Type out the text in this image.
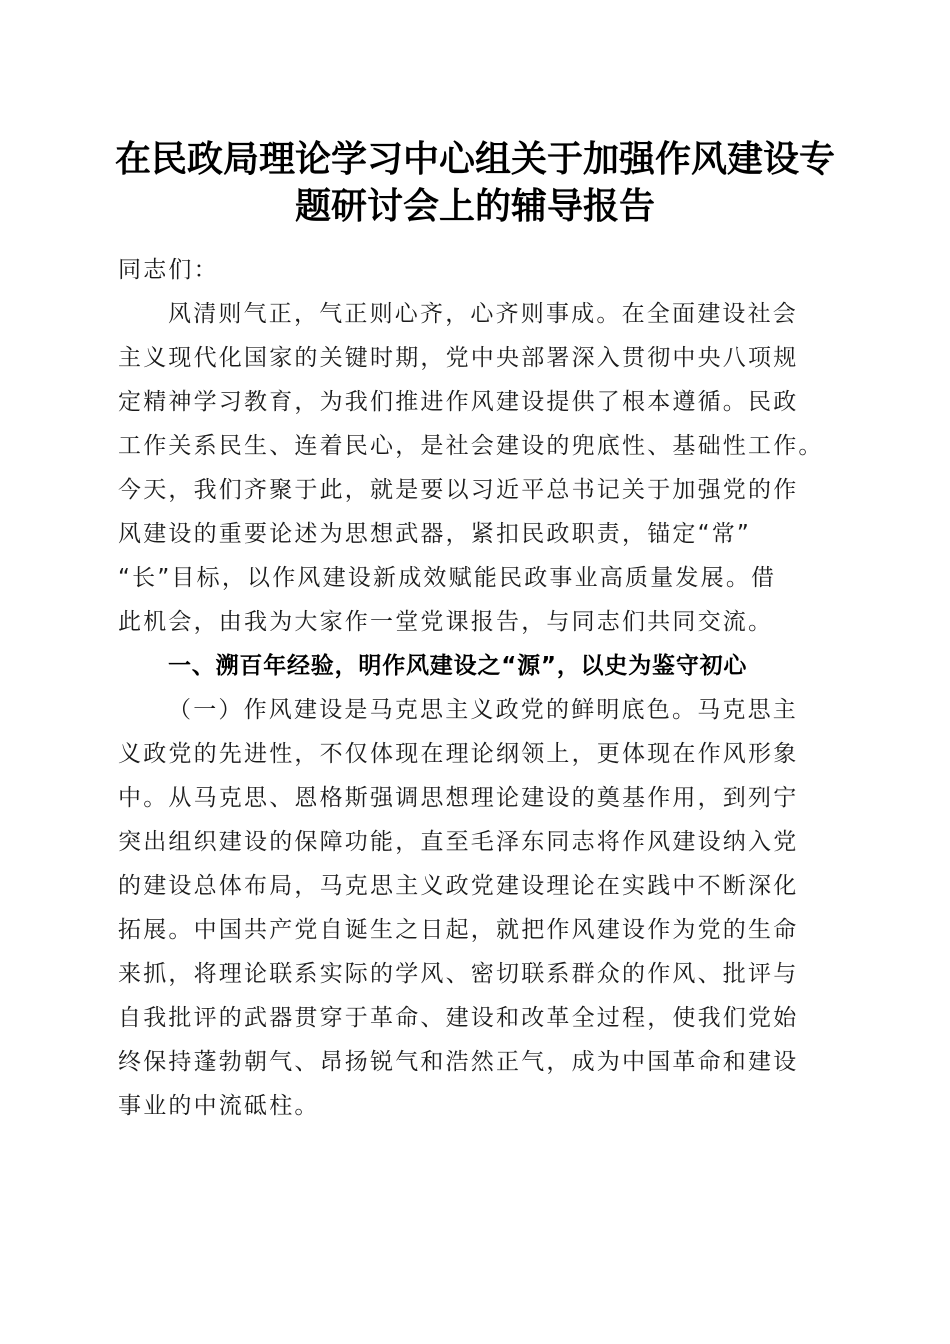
在民政局理论学习中心组关于加强作风建设专
题研讨会上的辅导报告
同志们：
风清则气正，气正则心齐，心齐则事成。在全面建设社会
主义现代化国家的关键时期，党中央部署深入贯彻中央八项规
定精神学习教育，为我们推进作风建设提供了根本遵循。民政
工作关系民生、连着民心，是社会建设的兜底性、基础性工作。
今天，我们齐聚于此，就是要以习近平总书记关于加强党的作
风建设的重要论述为思想武器，紧扣民政职责，锚定“常”
“长”目标，以作风建设新成效赋能民政事业高质量发展。借
此机会，由我为大家作一堂党课报告，与同志们共同交流。
一、溯百年经验，明作风建设之“源”，以史为鉴守初心
（一）作风建设是马克思主义政党的鲜明底色。马克思主
义政党的先进性，不仅体现在理论纲领上，更体现在作风形象
中。从马克思、恩格斯强调思想理论建设的奠基作用，到列宁
突出组织建设的保障功能，直至毛泽东同志将作风建设纳入党
的建设总体布局，马克思主义政党建设理论在实践中不断深化
拓展。中国共产党自诞生之日起，就把作风建设作为党的生命
来抓，将理论联系实际的学风、密切联系群众的作风、批评与
自我批评的武器贯穿于革命、建设和改革全过程，使我们党始
终保持蓬勃朝气、昂扬锐气和浩然正气，成为中国革命和建设
事业的中流砥柱。
